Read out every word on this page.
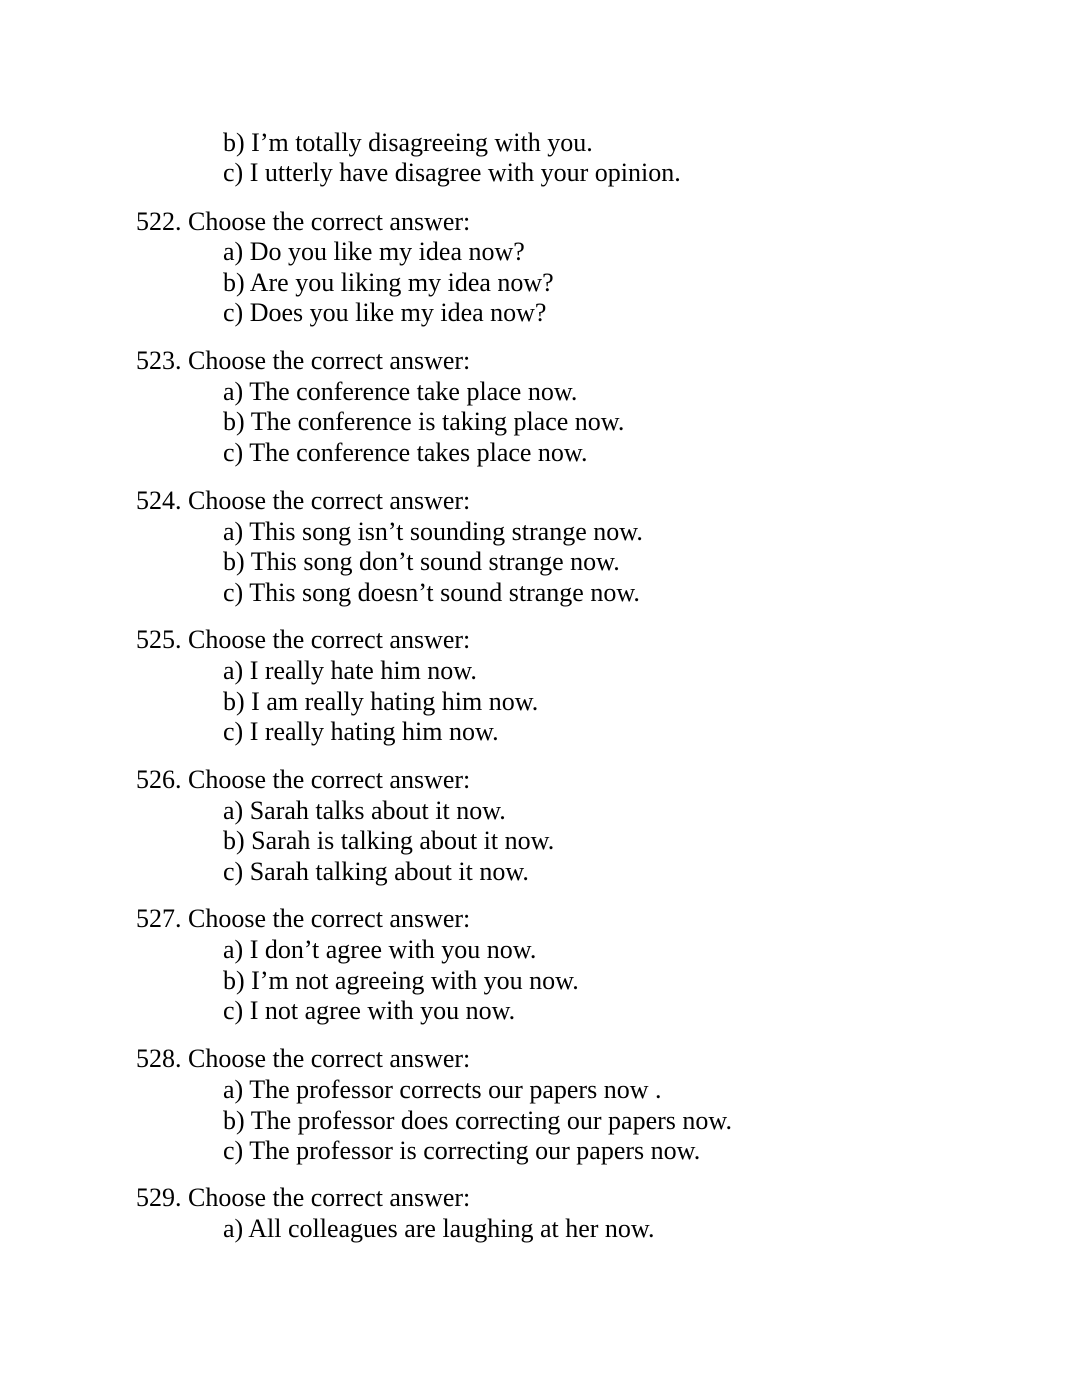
b) I’m totally disagreeing with you.
c) I utterly have disagree with your opinion.
522. Choose the correct answer:
a) Do you like my idea now?
b) Are you liking my idea now?
c) Does you like my idea now?
523. Choose the correct answer:
a) The conference take place now.
b) The conference is taking place now.
c) The conference takes place now.
524. Choose the correct answer:
a) This song isn’t sounding strange now.
b) This song don’t sound strange now.
c) This song doesn’t sound strange now.
525. Choose the correct answer:
a) I really hate him now.
b) I am really hating him now.
c) I really hating him now.
526. Choose the correct answer:
a) Sarah talks about it now.
b) Sarah is talking about it now.
c) Sarah talking about it now.
527. Choose the correct answer:
a) I don’t agree with you now.
b) I’m not agreeing with you now.
c) I not agree with you now.
528. Choose the correct answer:
a) The professor corrects our papers now .
b) The professor does correcting our papers now.
c) The professor is correcting our papers now.
529. Choose the correct answer:
a) All colleagues are laughing at her now.
